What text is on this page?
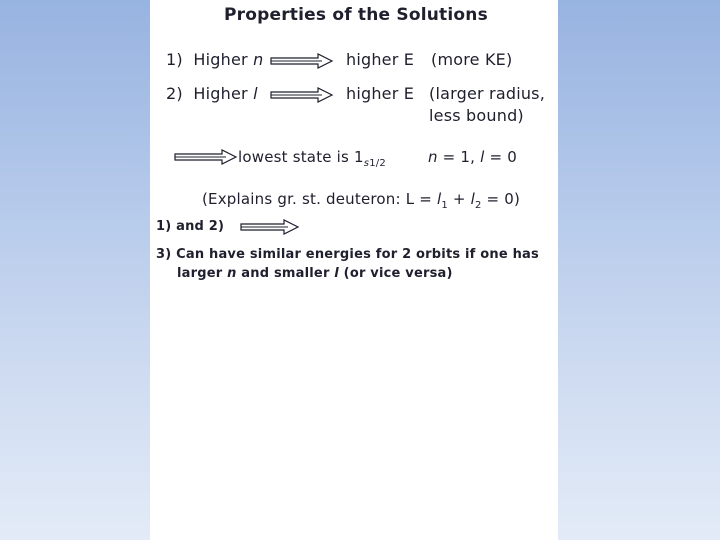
Properties of the Solutions
1) Higher n	higher E (more KE)
2) Higher l	higher E (larger radius,
less bound)
lowest state is $1_{s1/2}$	n = 1, l = 0
(Explains gr. st. deuteron: $L = l_1 + l_2 = 0$)
1) and 2)
3) Can have similar energies for 2 orbits if one has
larger n and smaller l (or vice versa)
